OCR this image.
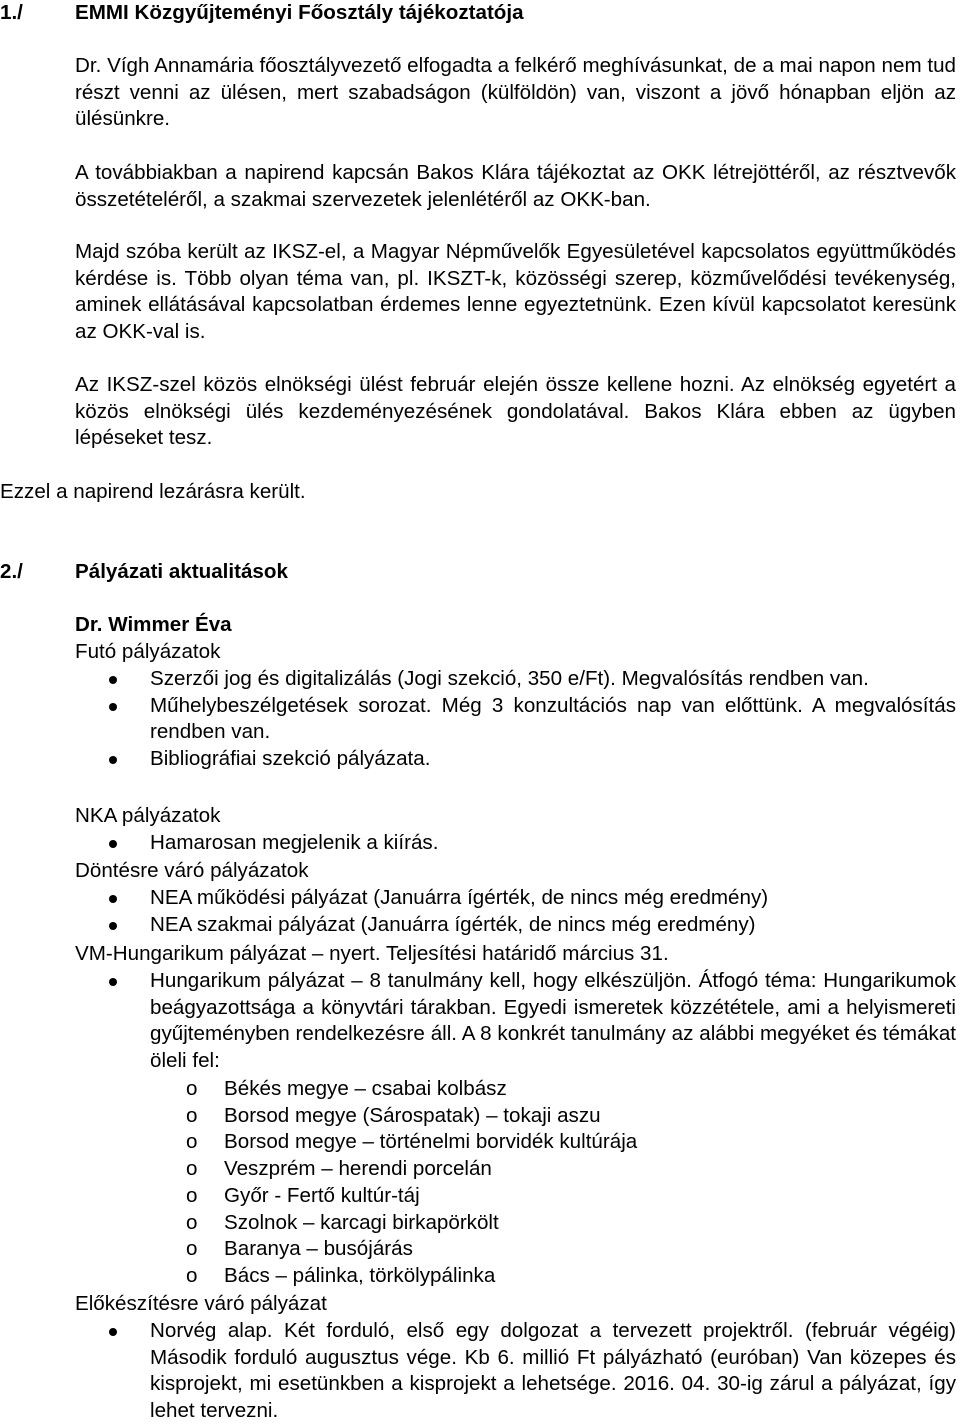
1./	EMMI Közgyűjteményi Főosztály tájékoztatója

Dr. Vígh Annamária főosztályvezető elfogadta a felkérő meghívásunkat, de a mai napon nem tud részt venni az ülésen, mert szabadságon (külföldön) van, viszont a jövő hónapban eljön az ülésünkre.

A továbbiakban a napirend kapcsán Bakos Klára tájékoztat az OKK létrejöttéről, az résztvevők összetételéről, a szakmai szervezetek jelenlétéről az OKK-ban.

Majd szóba került az IKSZ-el, a Magyar Népművelők Egyesületével kapcsolatos együttműködés kérdése is. Több olyan téma van, pl. IKSZT-k, közösségi szerep, közművelődési tevékenység, aminek ellátásával kapcsolatban érdemes lenne egyeztetnünk. Ezen kívül kapcsolatot keresünk az OKK-val is.

Az IKSZ-szel közös elnökségi ülést február elején össze kellene hozni. Az elnökség egyetért a közös elnökségi ülés kezdeményezésének gondolatával. Bakos Klára ebben az ügyben lépéseket tesz.

Ezzel a napirend lezárásra került.

2./	Pályázati aktualitások
Dr. Wimmer Éva
Futó pályázatok
Szerzői jog és digitalizálás (Jogi szekció, 350 e/Ft). Megvalósítás rendben van.
Műhelybeszélgetések sorozat. Még 3 konzultációs nap van előttünk. A megvalósítás rendben van.
Bibliográfiai szekció pályázata.
NKA pályázatok
Hamarosan megjelenik a kiírás.
Döntésre váró pályázatok
NEA működési pályázat (Januárra ígérték, de nincs még eredmény)
NEA szakmai pályázat (Januárra ígérték, de nincs még eredmény)
VM-Hungarikum pályázat – nyert. Teljesítési határidő március 31.
Hungarikum pályázat – 8 tanulmány kell, hogy elkészüljön. Átfogó téma: Hungarikumok beágyazottsága a könyvtári tárakban. Egyedi ismeretek közzététele, ami a helyismereti gyűjteményben rendelkezésre áll. A 8 konkrét tanulmány az alábbi megyéket és témákat öleli fel:
o Békés megye – csabai kolbász
o Borsod megye (Sárospatak) – tokaji aszu
o Borsod megye – történelmi borvidék kultúrája
o Veszprém – herendi porcelán
o Győr - Fertő kultúr-táj
o Szolnok – karcagi birkapörkölt
o Baranya – busójárás
o Bács – pálinka, törkölypálinka
Előkészítésre váró pályázat
Norvég alap. Két forduló, első egy dolgozat a tervezett projektről. (február végéig) Második forduló augusztus vége. Kb 6. millió Ft pályázható (euróban) Van közepes és kisprojekt, mi esetünkben a kisprojekt a lehetsége. 2016. 04. 30-ig zárul a pályázat, így lehet tervezni.
